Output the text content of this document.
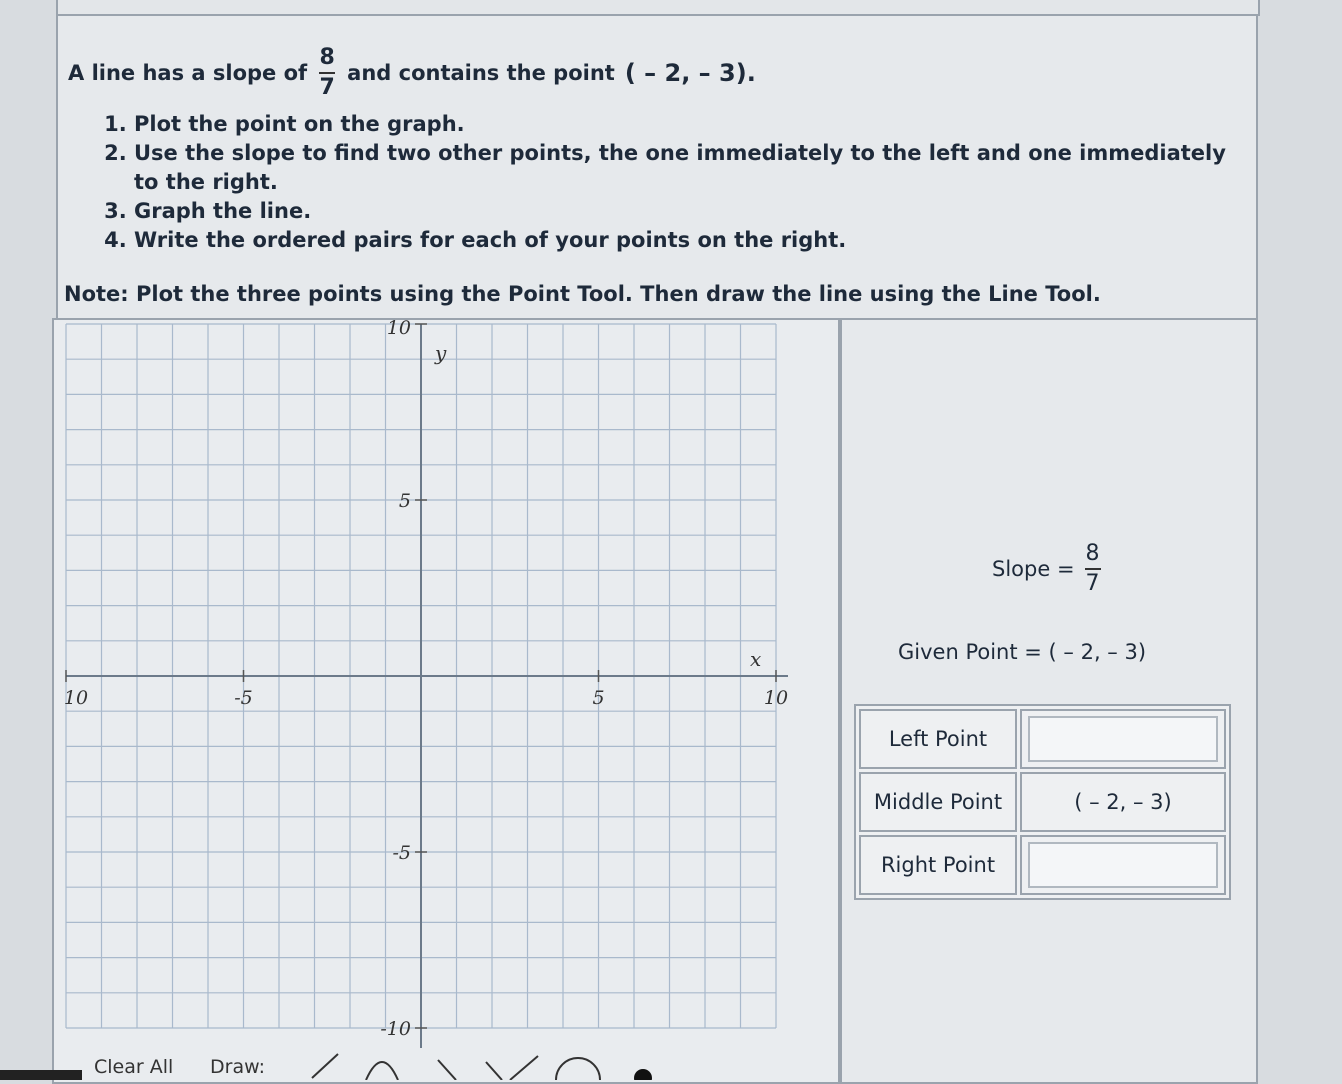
A line has a slope of $\frac{8}{7}$ and contains the point ( – 2, – 3).
1. Plot the point on the graph.
2. Use the slope to find two other points, the one immediately to the left and one immediately to the right.
3. Graph the line.
4. Write the ordered pairs for each of your points on the right.
Note: Plot the three points using the Point Tool. Then draw the line using the Line Tool.
10	-5	5	10
10
5
-5
-10
x
y
Slope = $\frac{8}{7}$
Given Point = ( – 2, – 3)
Left Point	

Middle Point	( – 2, – 3)
Right Point	
Clear All Draw:
